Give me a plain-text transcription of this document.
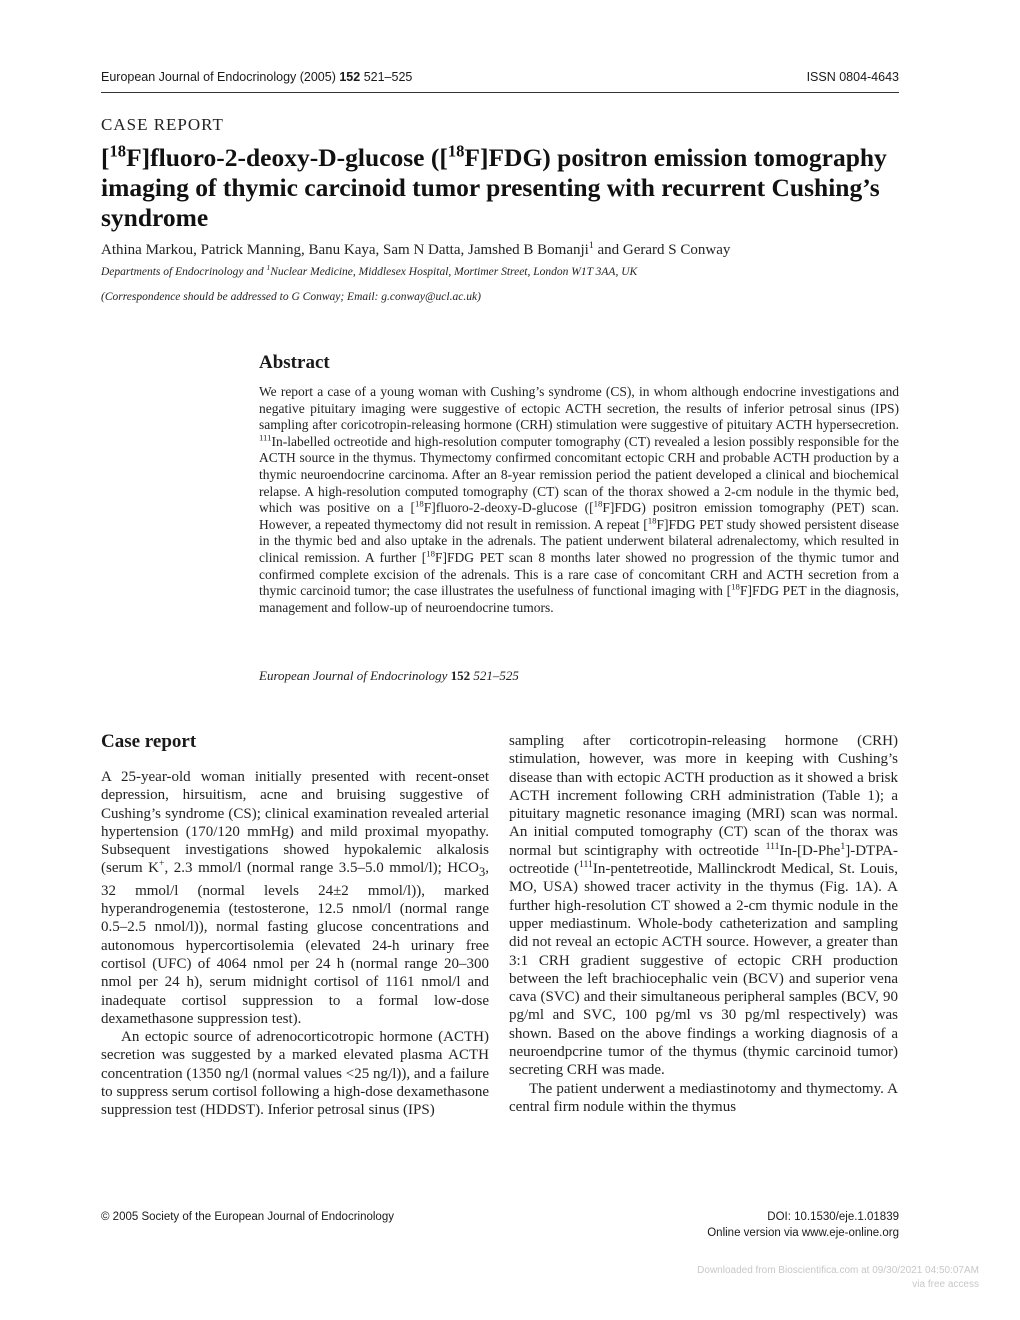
European Journal of Endocrinology (2005) 152 521–525	ISSN 0804-4643
CASE REPORT
[$^{18}$F]fluoro-2-deoxy-D-glucose ([$^{18}$F]FDG) positron emission tomography imaging of thymic carcinoid tumor presenting with recurrent Cushing’s syndrome
Athina Markou, Patrick Manning, Banu Kaya, Sam N Datta, Jamshed B Bomanji$^1$ and Gerard S Conway
Departments of Endocrinology and $^1$Nuclear Medicine, Middlesex Hospital, Mortimer Street, London W1T 3AA, UK
(Correspondence should be addressed to G Conway; Email: g.conway@ucl.ac.uk)
Abstract
We report a case of a young woman with Cushing’s syndrome (CS), in whom although endocrine investigations and negative pituitary imaging were suggestive of ectopic ACTH secretion, the results of inferior petrosal sinus (IPS) sampling after coricotropin-releasing hormone (CRH) stimulation were suggestive of pituitary ACTH hypersecretion. $^{111}$In-labelled octreotide and high-resolution computer tomography (CT) revealed a lesion possibly responsible for the ACTH source in the thymus. Thymectomy confirmed concomitant ectopic CRH and probable ACTH production by a thymic neuroendocrine carcinoma. After an 8-year remission period the patient developed a clinical and biochemical relapse. A high-resolution computed tomography (CT) scan of the thorax showed a 2-cm nodule in the thymic bed, which was positive on a [$^{18}$F]fluoro-2-deoxy-D-glucose ([$^{18}$F]FDG) positron emission tomography (PET) scan. However, a repeated thymectomy did not result in remission. A repeat [$^{18}$F]FDG PET study showed persistent disease in the thymic bed and also uptake in the adrenals. The patient underwent bilateral adrenalectomy, which resulted in clinical remission. A further [$^{18}$F]FDG PET scan 8 months later showed no progression of the thymic tumor and confirmed complete excision of the adrenals. This is a rare case of concomitant CRH and ACTH secretion from a thymic carcinoid tumor; the case illustrates the usefulness of functional imaging with [$^{18}$F]FDG PET in the diagnosis, management and follow-up of neuroendocrine tumors.
European Journal of Endocrinology 152 521–525
Case report

A 25-year-old woman initially presented with recent-onset depression, hirsuitism, acne and bruising suggestive of Cushing’s syndrome (CS); clinical examination revealed arterial hypertension (170/120 mmHg) and mild proximal myopathy. Subsequent investigations showed hypokalemic alkalosis (serum K+, 2.3 mmol/l (normal range 3.5–5.0 mmol/l); $HCO_3$, 32 mmol/l (normal levels 24±2 mmol/l)), marked hyperandrogenemia (testosterone, 12.5 nmol/l (normal range 0.5–2.5 nmol/l)), normal fasting glucose concentrations and autonomous hypercortisolemia (elevated 24-h urinary free cortisol (UFC) of 4064 nmol per 24 h (normal range 20–300 nmol per 24 h), serum midnight cortisol of 1161 nmol/l and inadequate cortisol suppression to a formal low-dose dexamethasone suppression test).

An ectopic source of adrenocorticotropic hormone (ACTH) secretion was suggested by a marked elevated plasma ACTH concentration (1350 ng/l (normal values <25 ng/l)), and a failure to suppress serum cortisol following a high-dose dexamethasone suppression test (HDDST). Inferior petrosal sinus (IPS)

sampling after corticotropin-releasing hormone (CRH) stimulation, however, was more in keeping with Cushing’s disease than with ectopic ACTH production as it showed a brisk ACTH increment following CRH administration (Table 1); a pituitary magnetic resonance imaging (MRI) scan was normal. An initial computed tomography (CT) scan of the thorax was normal but scintigraphy with octreotide $^{111}$In-[D-Phe$^1$]-DTPA-octreotide ($^{111}$In-pentetreotide, Mallinckrodt Medical, St. Louis, MO, USA) showed tracer activity in the thymus (Fig. 1A). A further high-resolution CT showed a 2-cm thymic nodule in the upper mediastinum. Whole-body catheterization and sampling did not reveal an ectopic ACTH source. However, a greater than 3:1 CRH gradient suggestive of ectopic CRH production between the left brachiocephalic vein (BCV) and superior vena cava (SVC) and their simultaneous peripheral samples (BCV, 90 pg/ml and SVC, 100 pg/ml vs 30 pg/ml respectively) was shown. Based on the above findings a working diagnosis of a neuroendpcrine tumor of the thymus (thymic carcinoid tumor) secreting CRH was made.

The patient underwent a mediastinotomy and thymectomy. A central firm nodule within the thymus

© 2005 Society of the European Journal of Endocrinology	DOI: 10.1530/eje.1.01839
Online version via www.eje-online.org
Downloaded from Bioscientifica.com at 09/30/2021 04:50:07AM
via free access
